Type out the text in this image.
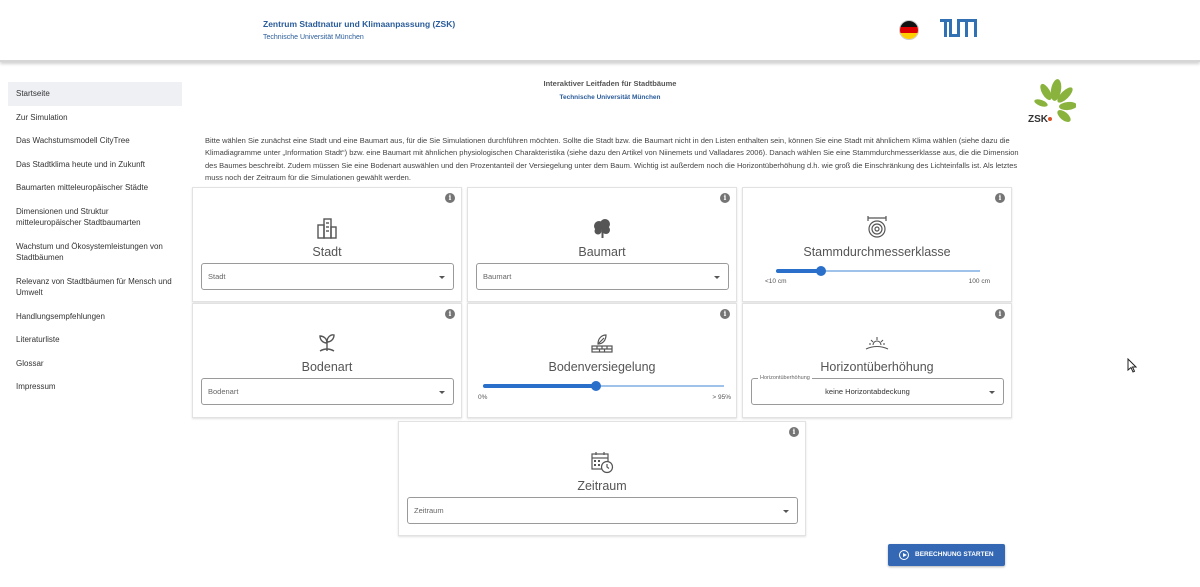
Zentrum Stadtnatur und Klimaanpassung (ZSK)
Technische Universität München
Startseite
Zur Simulation
Das Wachstumsmodell CityTree
Das Stadtklima heute und in Zukunft
Baumarten mitteleuropäischer Städte
Dimensionen und Struktur mitteleuropäischer Stadtbaumarten
Wachstum und Ökosystemleistungen von Stadtbäumen
Relevanz von Stadtbäumen für Mensch und Umwelt
Handlungsempfehlungen
Literaturliste
Glossar
Impressum
Interaktiver Leitfaden für Stadtbäume
Technische Universität München
ZSK
Bitte wählen Sie zunächst eine Stadt und eine Baumart aus, für die Sie Simulationen durchführen möchten. Sollte die Stadt bzw. die Baumart nicht in den Listen enthalten sein, können Sie eine Stadt mit ähnlichem Klima wählen (siehe dazu die Klimadiagramme unter „Information Stadt“) bzw. eine Baumart mit ähnlichen physiologischen Charakteristika (siehe dazu den Artikel von Niinemets und Valladares 2006). Danach wählen Sie eine Stammdurchmesserklasse aus, die die Dimension des Baumes beschreibt. Zudem müssen Sie eine Bodenart auswählen und den Prozentanteil der Versiegelung unter dem Baum. Wichtig ist außerdem noch die Horizontüberhöhung d.h. wie groß die Einschränkung des Lichteinfalls ist. Als letztes muss noch der Zeitraum für die Simulationen gewählt werden.
i
Stadt
Stadt
i
Baumart
Baumart
i
Stammdurchmesserklasse
<10 cm	100 cm
i
Bodenart
Bodenart
i
Bodenversiegelung
0%	> 95%
i
Horizontüberhöhung
Horizontüberhöhung
keine Horizontabdeckung
i
Zeitraum
Zeitraum
BERECHNUNG STARTEN
